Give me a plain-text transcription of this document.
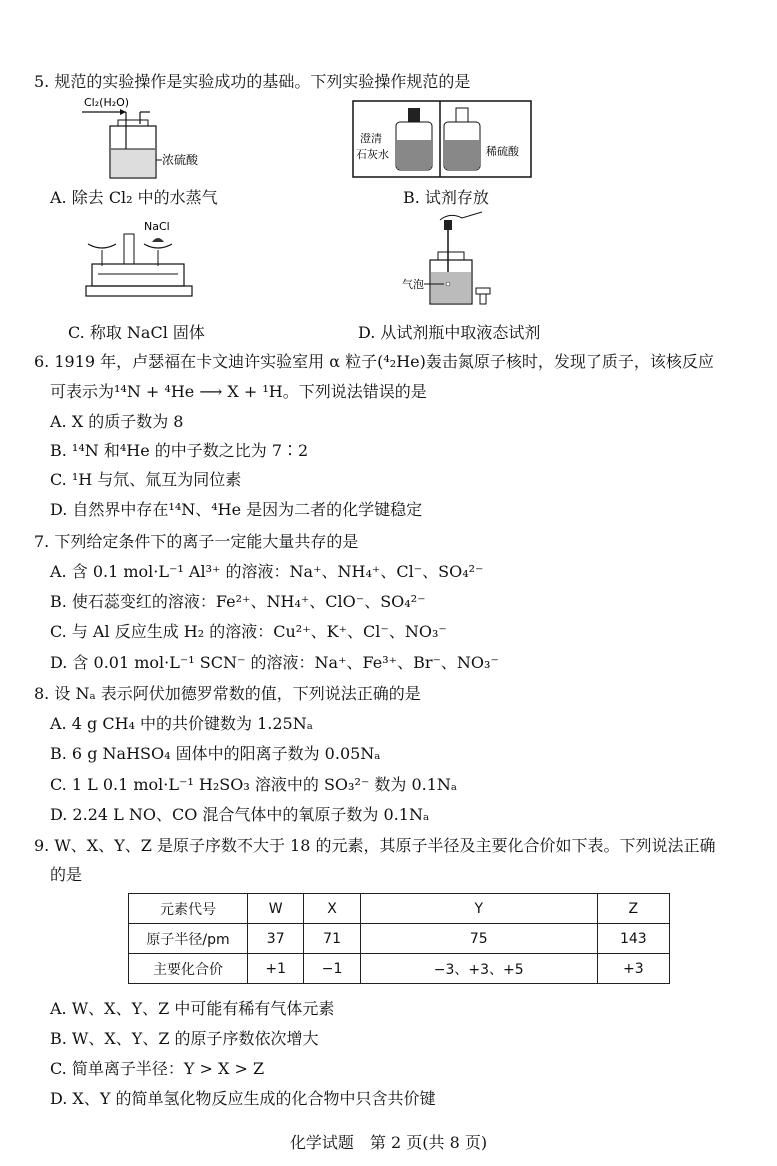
5. 规范的实验操作是实验成功的基础。下列实验操作规范的是
Cl₂(H₂O)
浓硫酸
澄清
石灰水	稀硫酸
A. 除去 Cl₂ 中的水蒸气	B. 试剂存放
NaCl
气泡
C. 称取 NaCl 固体	D. 从试剂瓶中取液态试剂
6. 1919 年，卢瑟福在卡文迪许实验室用 α 粒子(⁴₂He)轰击氮原子核时，发现了质子，该核反应
可表示为¹⁴N + ⁴He ⟶ X + ¹H。下列说法错误的是
A. X 的质子数为 8
B. ¹⁴N 和⁴He 的中子数之比为 7∶2
C. ¹H 与氘、氚互为同位素
D. 自然界中存在¹⁴N、⁴He 是因为二者的化学键稳定
7. 下列给定条件下的离子一定能大量共存的是
A. 含 0.1 mol·L⁻¹ Al³⁺ 的溶液：Na⁺、NH₄⁺、Cl⁻、SO₄²⁻
B. 使石蕊变红的溶液：Fe²⁺、NH₄⁺、ClO⁻、SO₄²⁻
C. 与 Al 反应生成 H₂ 的溶液：Cu²⁺、K⁺、Cl⁻、NO₃⁻
D. 含 0.01 mol·L⁻¹ SCN⁻ 的溶液：Na⁺、Fe³⁺、Br⁻、NO₃⁻
8. 设 Nₐ 表示阿伏加德罗常数的值，下列说法正确的是
A. 4 g CH₄ 中的共价键数为 1.25Nₐ
B. 6 g NaHSO₄ 固体中的阳离子数为 0.05Nₐ
C. 1 L 0.1 mol·L⁻¹ H₂SO₃ 溶液中的 SO₃²⁻ 数为 0.1Nₐ
D. 2.24 L NO、CO 混合气体中的氧原子数为 0.1Nₐ
9. W、X、Y、Z 是原子序数不大于 18 的元素，其原子半径及主要化合价如下表。下列说法正确
的是
元素代号	W	X	Y	Z
原子半径/pm	37	71	75	143
主要化合价	+1	−1	−3、+3、+5	+3
A. W、X、Y、Z 中可能有稀有气体元素
B. W、X、Y、Z 的原子序数依次增大
C. 简单离子半径：Y > X > Z
D. X、Y 的简单氢化物反应生成的化合物中只含共价键
化学试题　第 2 页(共 8 页)
